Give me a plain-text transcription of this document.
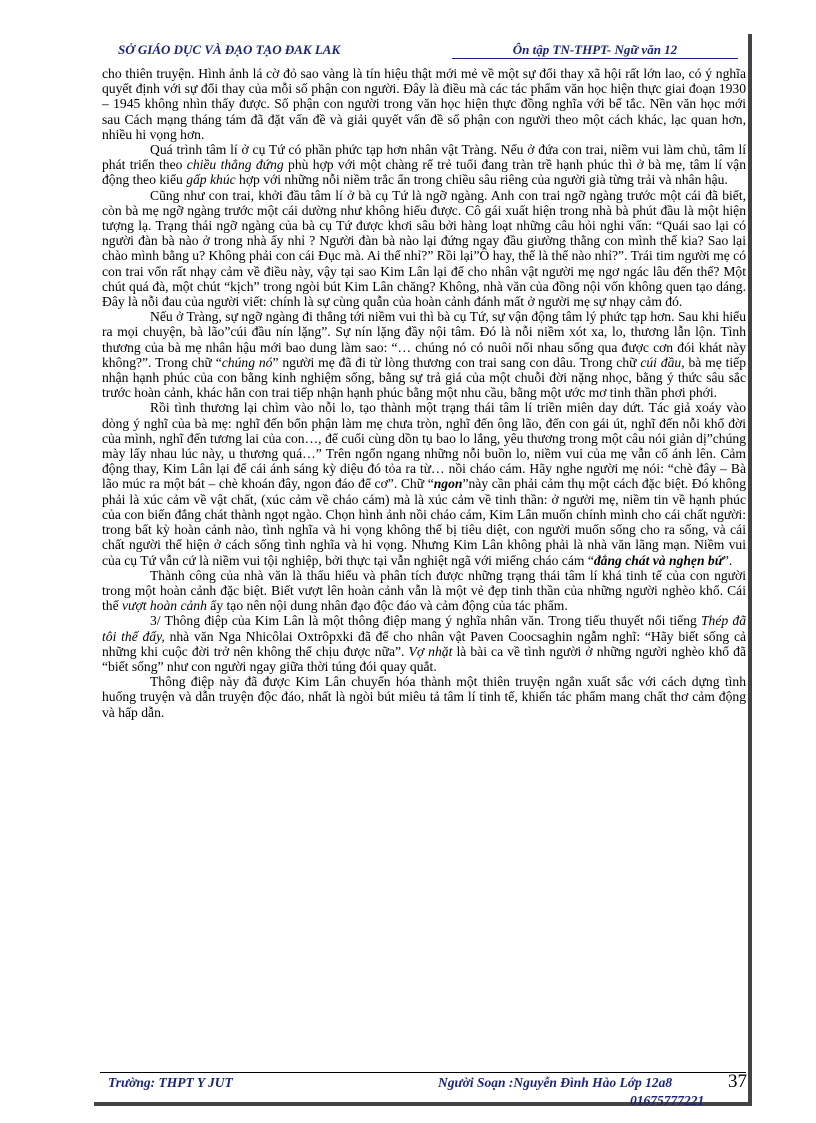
SỞ GIÁO DỤC VÀ ĐẠO TẠO ĐAK LAK	Ôn tập TN-THPT- Ngữ văn 12

cho thiên truyện. Hình ảnh lá cờ đỏ sao vàng là tín hiệu thật mới mẻ về một sự đổi thay xã hội rất lớn lao, có ý nghĩa quyết định với sự đổi thay của mỗi số phận con người. Đây là điều mà các tác phẩm văn học hiện thực giai đoạn 1930 – 1945 không nhìn thấy được. Số phận con người trong văn học hiện thực đồng nghĩa với bế tắc. Nền văn học mới sau Cách mạng tháng tám đã đặt vấn đề và giải quyết vấn đề số phận con người theo một cách khác, lạc quan hơn, nhiều hi vọng hơn.

Quá trình tâm lí ở cụ Tứ có phần phức tạp hơn nhân vật Tràng. Nếu ở đứa con trai, niềm vui làm chủ, tâm lí phát triển theo chiều thẳng đứng phù hợp với một chàng rể trẻ tuổi đang tràn trề hạnh phúc thì ở bà mẹ, tâm lí vận động theo kiểu gấp khúc hợp với những nỗi niềm trắc ẩn trong chiều sâu riêng của người già từng trải và nhân hậu.

Cũng như con trai, khởi đầu tâm lí ở bà cụ Tứ là ngỡ ngàng. Anh con trai ngỡ ngàng trước một cái đã biết, còn bà mẹ ngỡ ngàng trước một cái dường như không hiểu được. Cô gái xuất hiện trong nhà bà phút đầu là một hiện tượng lạ. Trạng thái ngỡ ngàng của bà cụ Tứ được khơi sâu bởi hàng loạt những câu hỏi nghi vấn: “Quái sao lại có người đàn bà nào ở trong nhà ấy nhỉ ? Người đàn bà nào lại đứng ngay đầu giường thằng con mình thế kia? Sao lại chào mình bằng u? Không phải con cái Đục mà. Ai thế nhỉ?” Rồi lại”Ô hay, thế là thế nào nhỉ?”. Trái tim người mẹ có con trai vốn rất nhạy cảm về điều này, vậy tại sao Kim Lân lại để cho nhân vật người mẹ ngơ ngác lâu đến thế? Một chút quá đà, một chút “kịch” trong ngòi bút Kim Lân chăng? Không, nhà văn của đồng nội vốn không quen tạo dáng. Đây là nỗi đau của người viết: chính là sự cùng quẫn của hoàn cảnh đánh mất ở người mẹ sự nhạy cảm đó.

Nếu ở Tràng, sự ngỡ ngàng đi thẳng tới niềm vui thì bà cụ Tứ, sự vận động tâm lý phức tạp hơn. Sau khi hiểu ra mọi chuyện, bà lão”cúi đầu nín lặng”. Sự nín lặng đầy nội tâm. Đó là nỗi niềm xót xa, lo, thương lẫn lộn. Tình thương của bà mẹ nhân hậu mới bao dung làm sao: “… chúng nó có nuôi nổi nhau sống qua được cơn đói khát này không?”. Trong chữ “chúng nó” người mẹ đã đi từ lòng thương con trai sang con dâu. Trong chữ cúi đầu, bà mẹ tiếp nhận hạnh phúc của con bằng kinh nghiệm sống, bằng sự trả giá của một chuỗi đời nặng nhọc, bằng ý thức sâu sắc trước hoàn cảnh, khác hẳn con trai tiếp nhận hạnh phúc bằng một nhu cầu, bằng một ước mơ tinh thần phơi phới.

Rồi tình thương lại chìm vào nỗi lo, tạo thành một trạng thái tâm lí triền miên day dứt. Tác giả xoáy vào dòng ý nghĩ của bà mẹ: nghĩ đến bổn phận làm mẹ chưa tròn, nghĩ đến ông lão, đến con gái út, nghĩ đến nỗi khổ đời của mình, nghĩ đến tương lai của con…, để cuối cùng dồn tụ bao lo lắng, yêu thương trong một câu nói giản dị”chúng mày lấy nhau lúc này, u thương quá…” Trên ngổn ngang những nỗi buồn lo, niềm vui của mẹ vẫn cố ánh lên. Cảm động thay, Kim Lân lại để cái ánh sáng kỳ diệu đó tỏa ra từ… nồi cháo cám. Hãy nghe người mẹ nói: “chè đây – Bà lão múc ra một bát – chè khoán đây, ngon đáo để cơ”. Chữ “ngon”này cần phải cảm thụ một cách đặc biệt. Đó không phải là xúc cảm về vật chất, (xúc cảm về cháo cám) mà là xúc cảm về tinh thần: ở người mẹ, niềm tin về hạnh phúc của con biến đắng chát thành ngọt ngào. Chọn hình ảnh nồi cháo cám, Kim Lân muốn chính mình cho cái chất người: trong bất kỳ hoàn cảnh nào, tình nghĩa và hi vọng không thể bị tiêu diệt, con người muốn sống cho ra sống, và cái chất người thể hiện ở cách sống tình nghĩa và hi vọng. Nhưng Kim Lân không phải là nhà văn lãng mạn. Niềm vui của cụ Tứ vẫn cứ là niềm vui tội nghiệp, bởi thực tại vẫn nghiệt ngã với miếng cháo cám “đắng chát và nghẹn bứ”.

Thành công của nhà văn là thấu hiểu và phân tích được những trạng thái tâm lí khá tinh tế của con người trong một hoàn cảnh đặc biệt. Biết vượt lên hoàn cảnh vẫn là một vẻ đẹp tinh thần của những người nghèo khổ. Cái thế vượt hoàn cảnh ấy tạo nên nội dung nhân đạo độc đáo và cảm động của tác phẩm.

3/ Thông điệp của Kim Lân là một thông điệp mang ý nghĩa nhân văn. Trong tiểu thuyết nổi tiếng Thép đã tôi thế đấy, nhà văn Nga Nhicôlai Oxtrôpxki đã để cho nhân vật Paven Coocsaghin ngẫm nghĩ: “Hãy biết sống cả những khi cuộc đời trở nên không thể chịu được nữa”. Vợ nhặt là bài ca về tình người ở những người nghèo khổ đã “biết sống” như con người ngay giữa thời túng đói quay quắt.

Thông điệp này đã được Kim Lân chuyển hóa thành một thiên truyện ngắn xuất sắc với cách dựng tình huống truyện và dẫn truyện độc đáo, nhất là ngòi bút miêu tả tâm lí tinh tế, khiến tác phẩm mang chất thơ cảm động và hấp dẫn.

Trường: THPT Y JUT	Người Soạn :Nguyễn Đình Hào Lớp 12a8
01675777221
37
